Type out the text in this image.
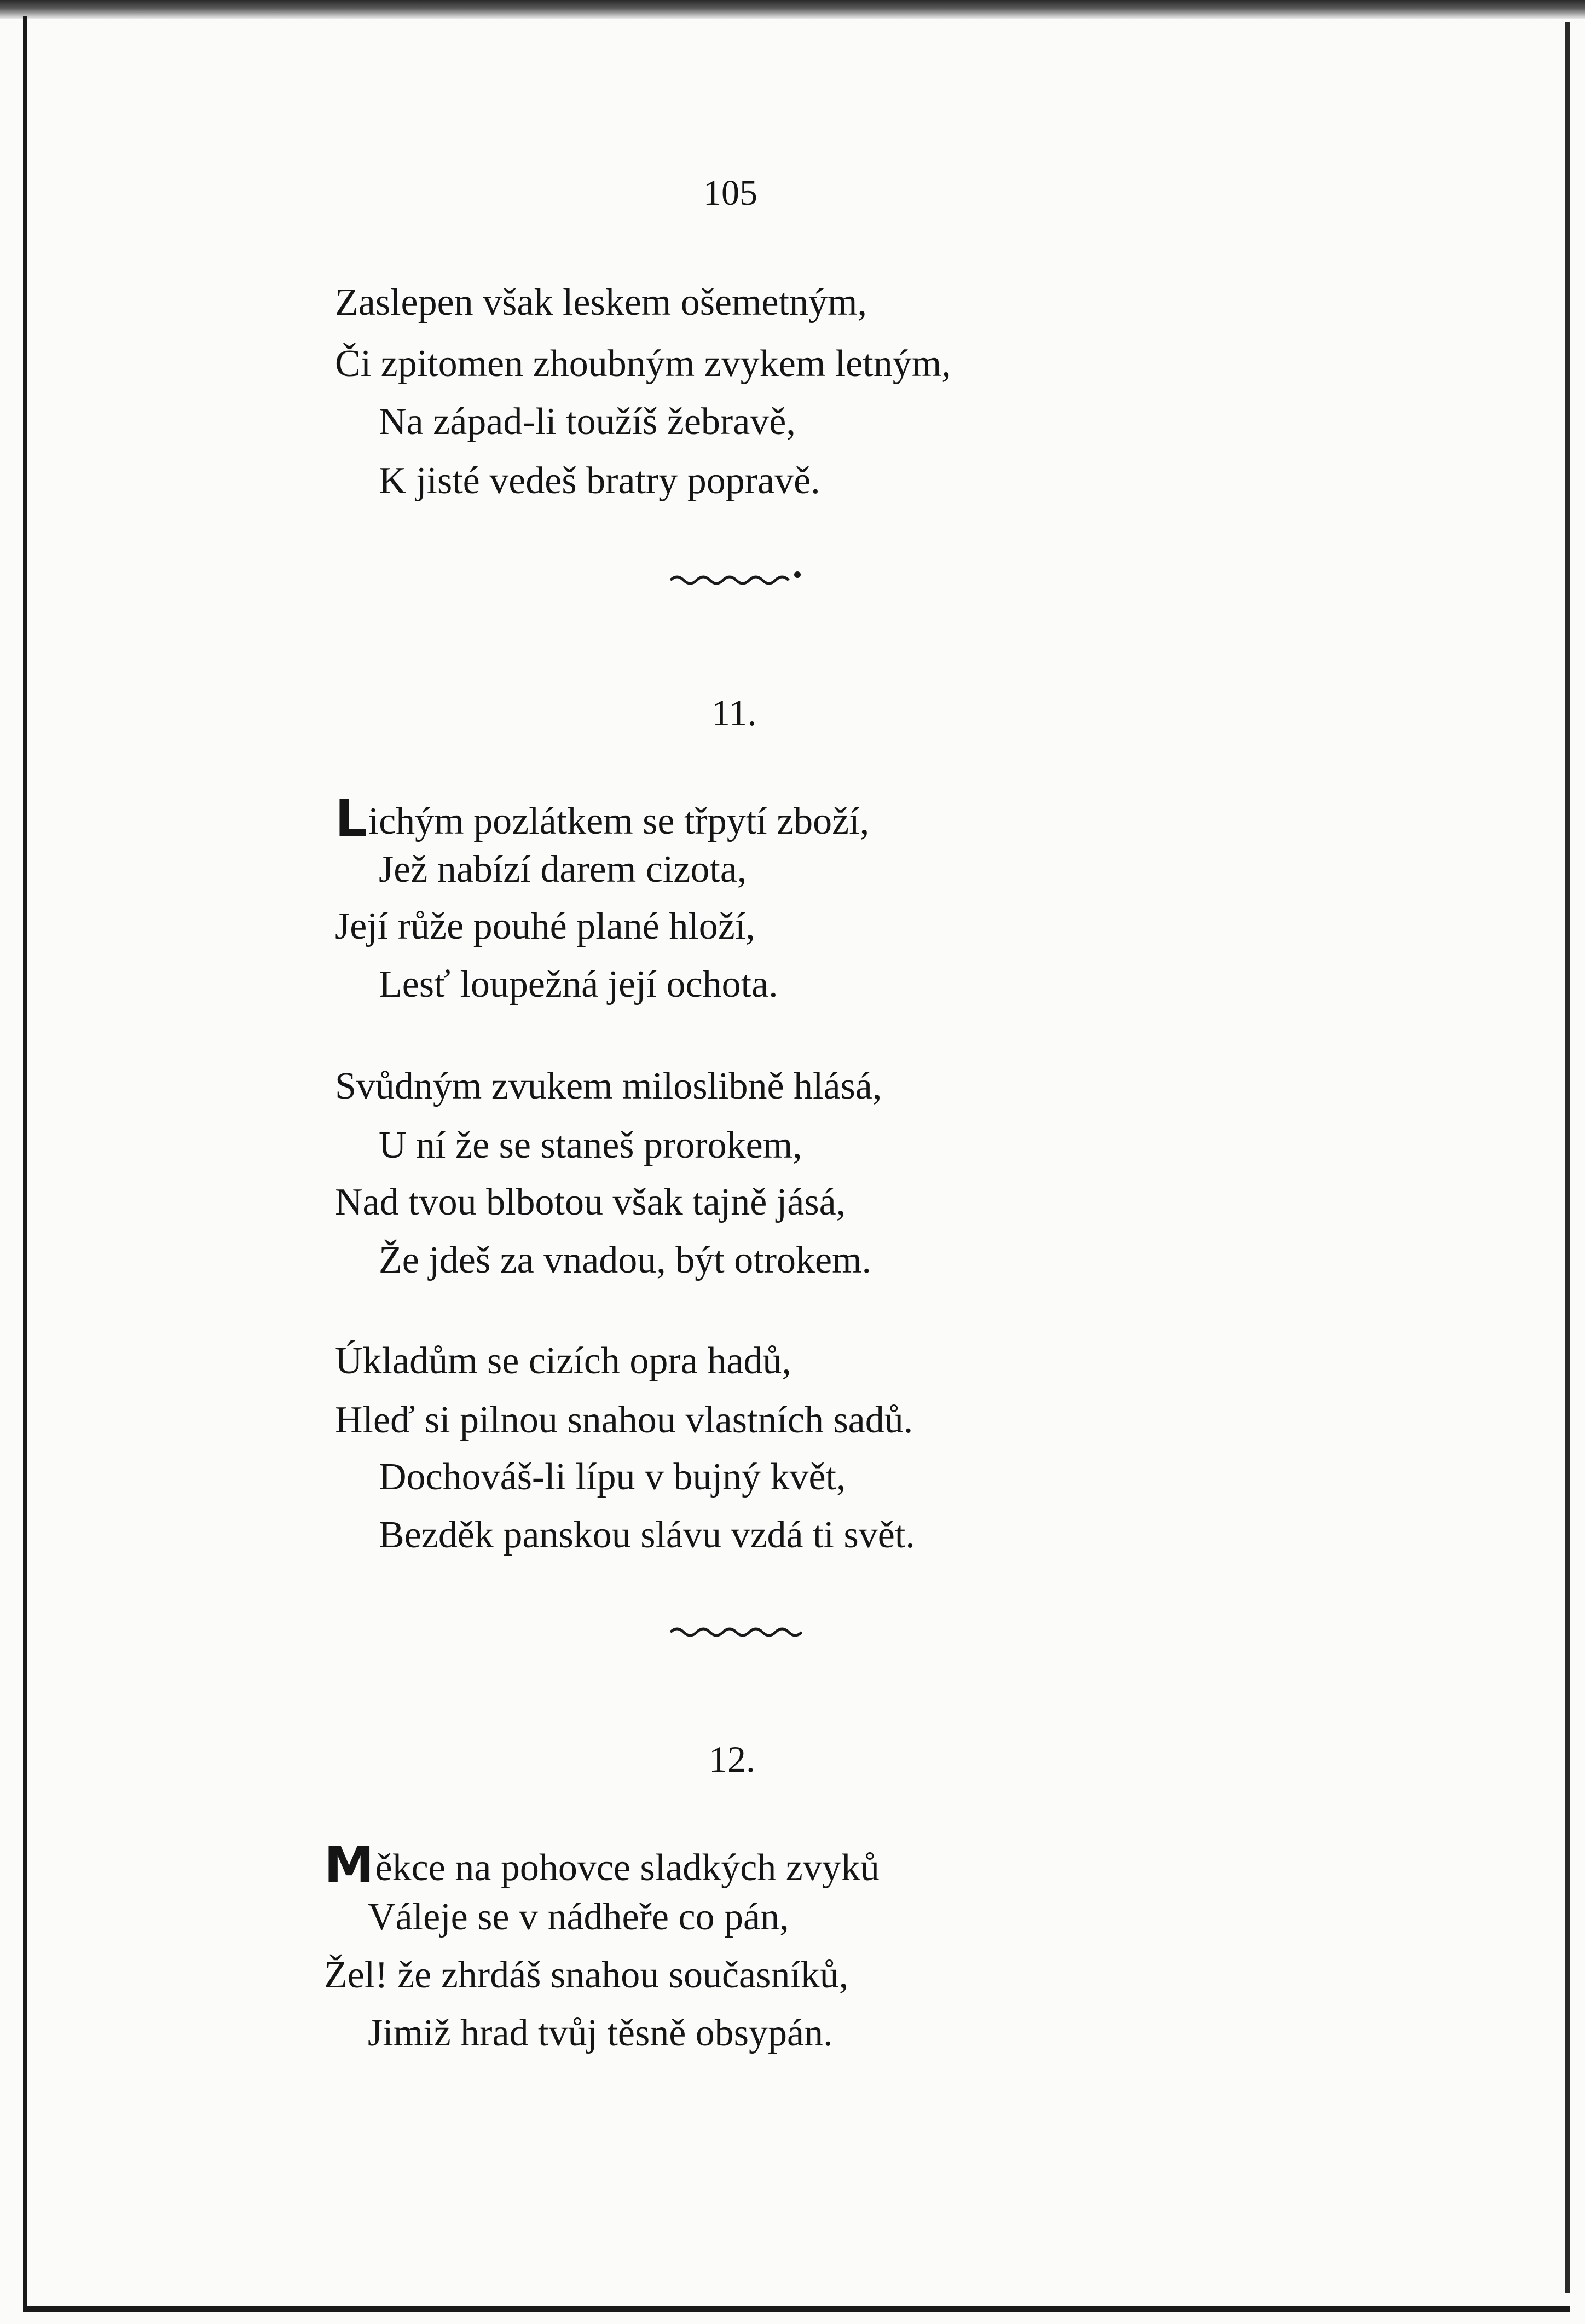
105
Zaslepen však leskem ošemetným,
Či zpitomen zhoubným zvykem letným,
Na západ-li toužíš žebravě,
K jisté vedeš bratry popravě.
11.
Lichým pozlátkem se třpytí zboží,
Jež nabízí darem cizota,
Její růže pouhé plané hloží,
Lesť loupežná její ochota.
Svůdným zvukem miloslibně hlásá,
U ní že se staneš prorokem,
Nad tvou blbotou však tajně jásá,
Že jdeš za vnadou, být otrokem.
Úkladům se cizích opra hadů,
Hleď si pilnou snahou vlastních sadů.
Dochováš-li lípu v bujný květ,
Bezděk panskou slávu vzdá ti svět.
12.
Měkce na pohovce sladkých zvyků
Váleje se v nádheře co pán,
Žel! že zhrdáš snahou současníků,
Jimiž hrad tvůj těsně obsypán.
